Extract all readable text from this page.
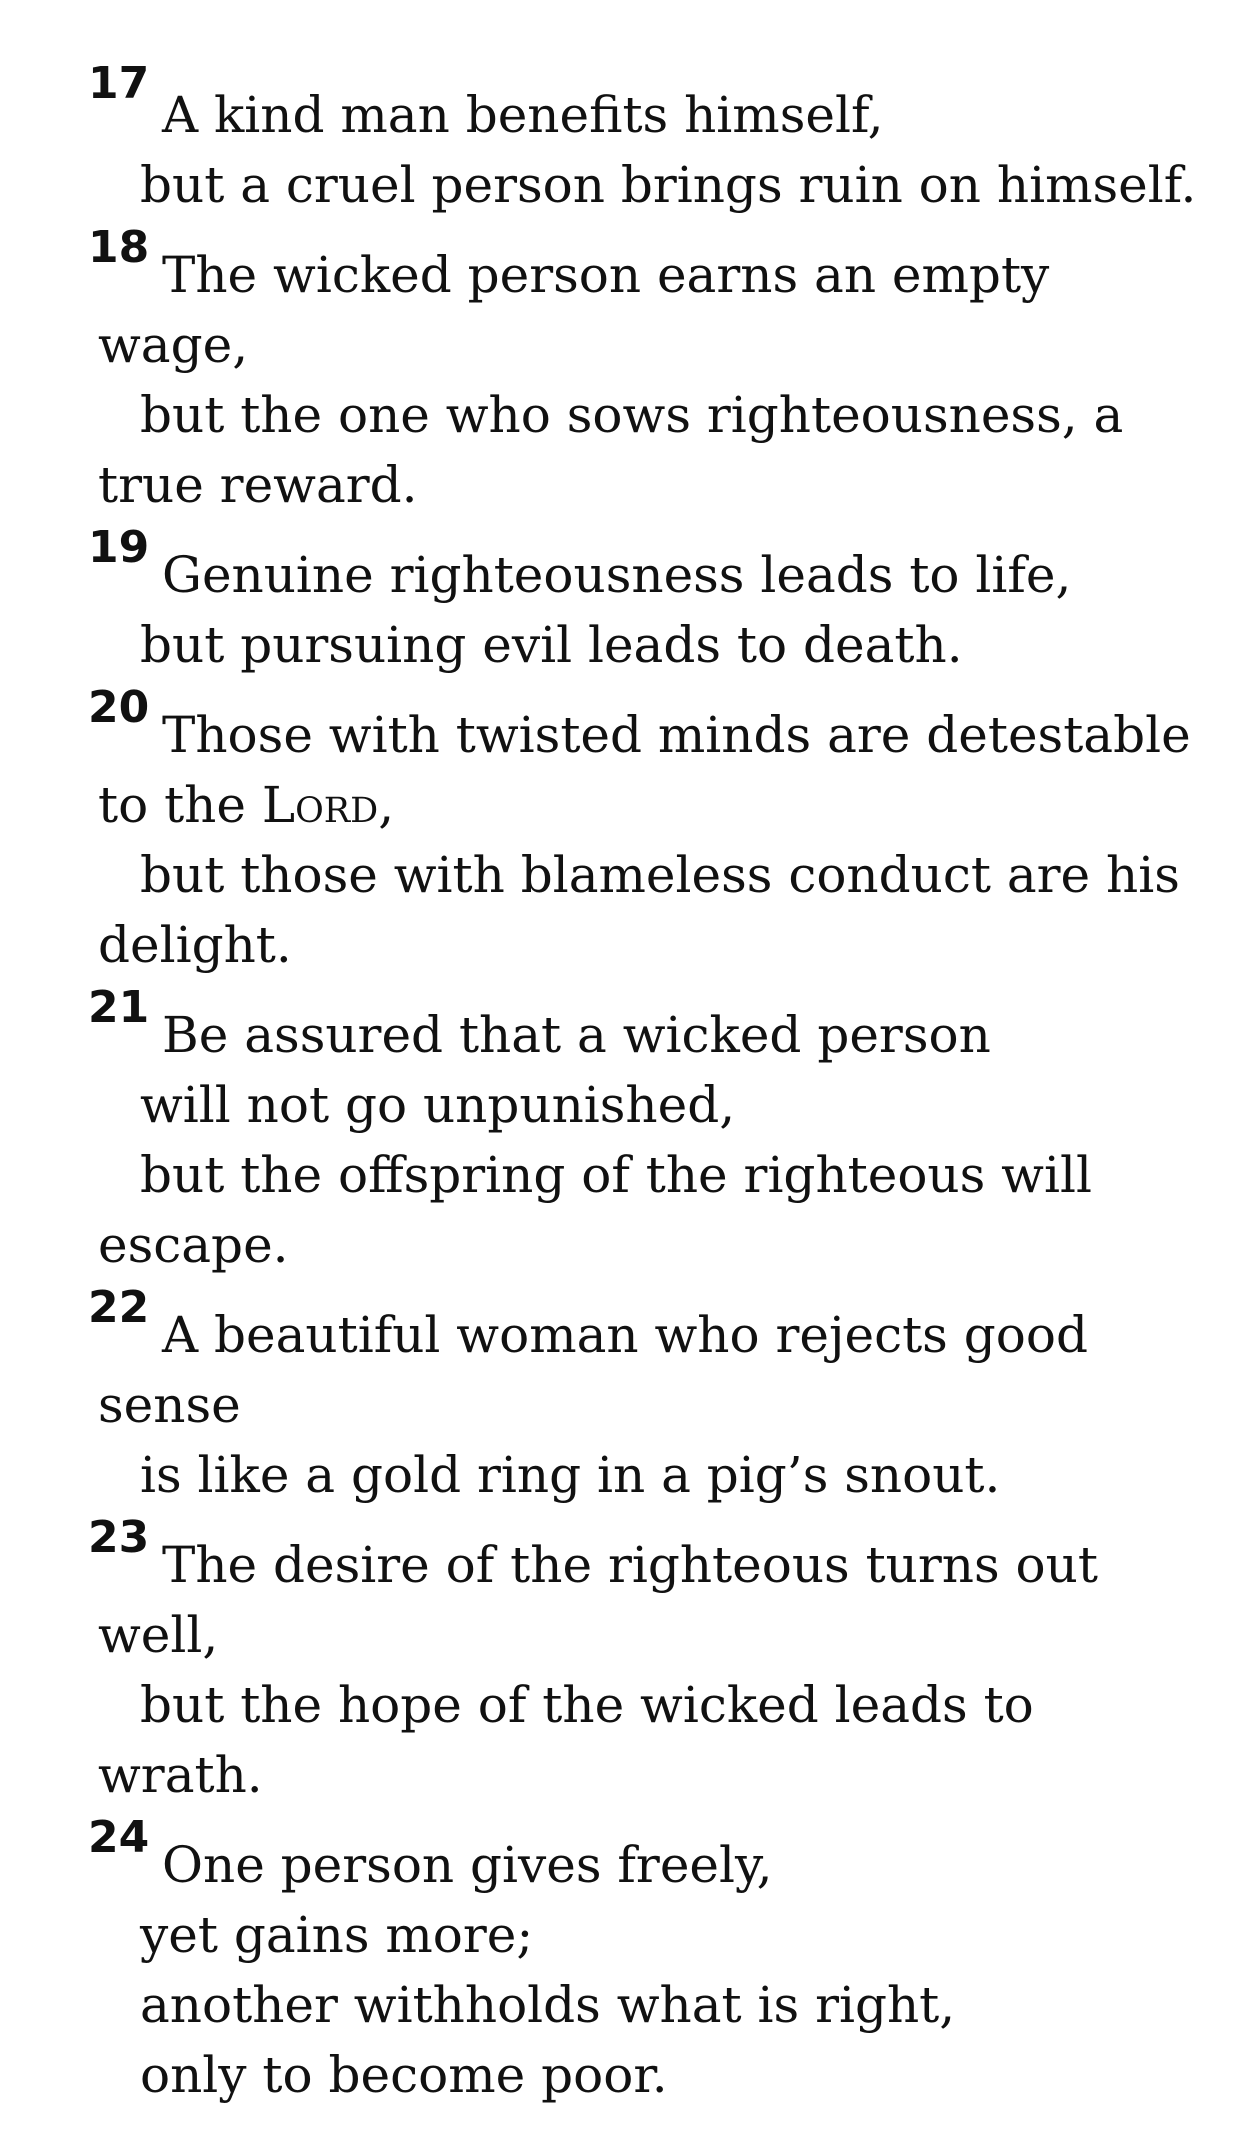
17
A kind man benefits himself,
but a cruel person brings ruin on himself.
18 The wicked person earns an empty
wage,
but the one who sows righteousness, a
true reward.
19 Genuine righteousness leads to life,
but pursuing evil leads to death.
20 Those with twisted minds are detestable
to the Lord,
but those with blameless conduct are his
delight.
21 Be assured that a wicked person
will not go unpunished,
but the offspring of the righteous will
escape.
22 A beautiful woman who rejects good
sense
is like a gold ring in a pig’s snout.
23 The desire of the righteous turns out
well,
but the hope of the wicked leads to
wrath.
24 One person gives freely,
yet gains more;
another withholds what is right,
only to become poor.
